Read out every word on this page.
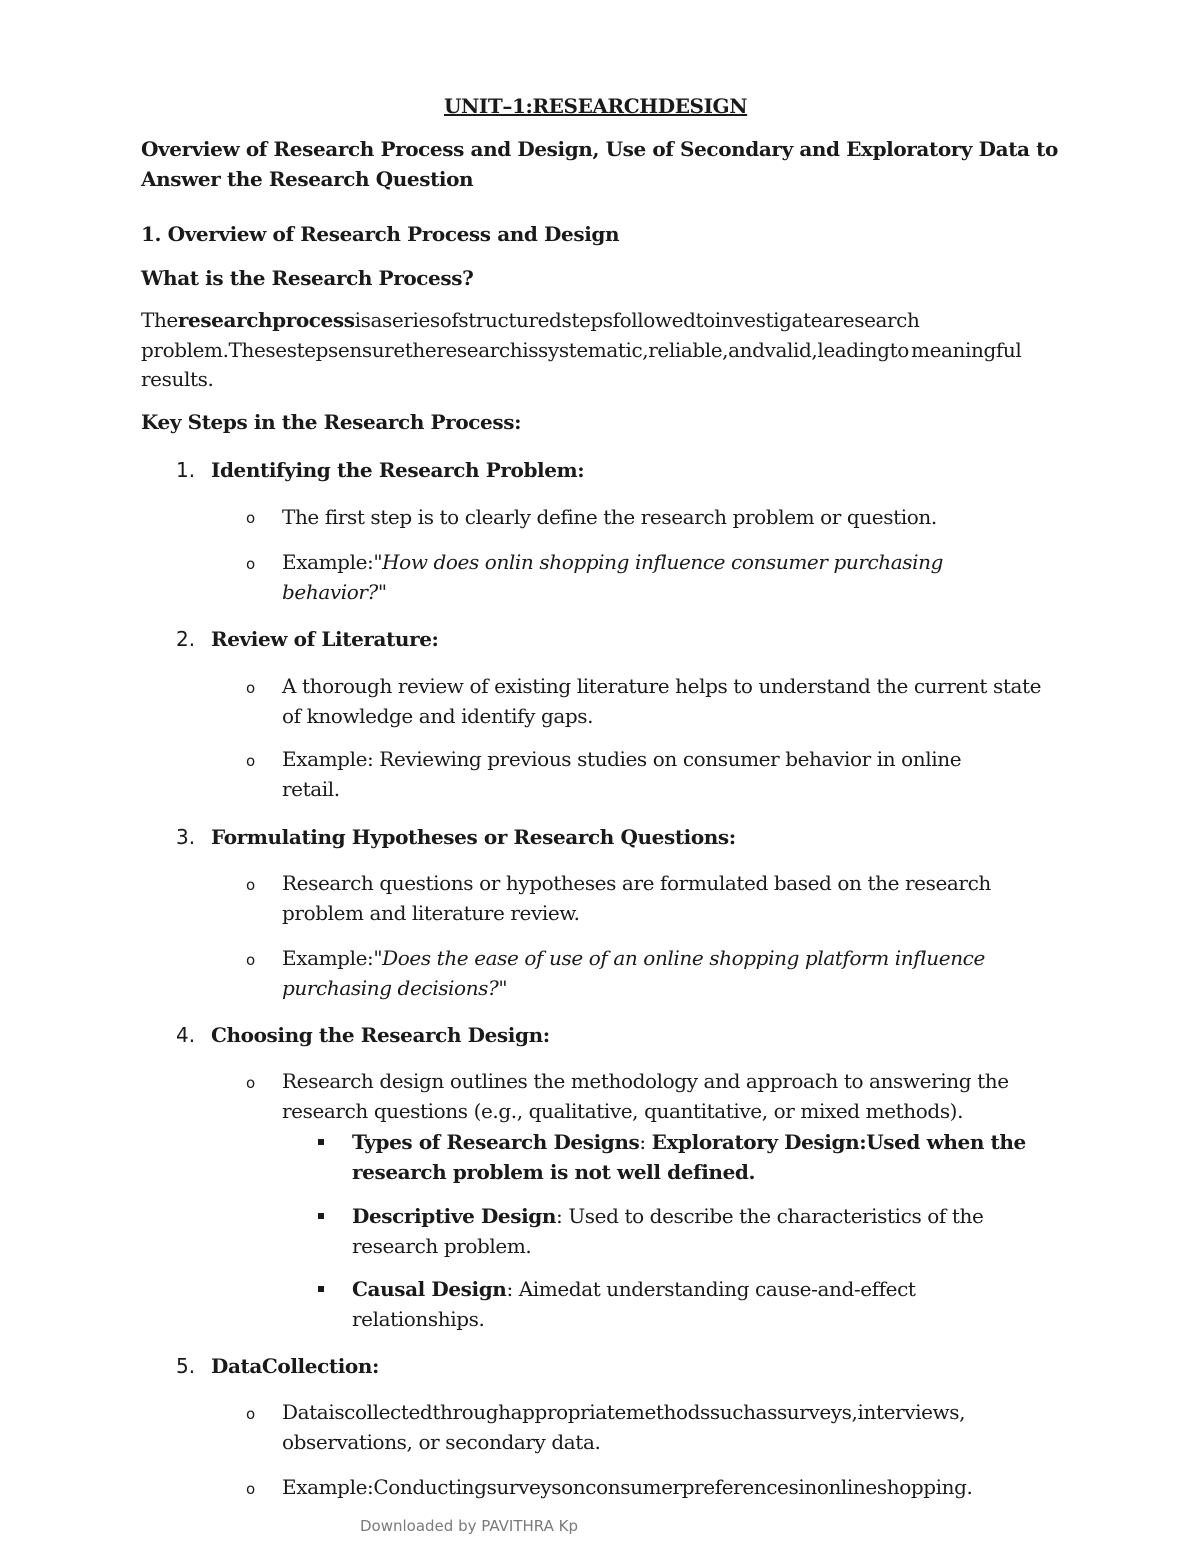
UNIT–1:RESEARCHDESIGN
Overview of Research Process and Design, Use of Secondary and Exploratory Data to
Answer the Research Question
1. Overview of Research Process and Design
What is the Research Process?
Theresearchprocessisaseriesofstructuredstepsfollowedtoinvestigatearesearch
problem.Thesestepsensuretheresearchissystematic,reliable,andvalid,leadingto meaningful
results.
Key Steps in the Research Process:
1. Identifying the Research Problem:
o The first step is to clearly define the research problem or question.
o Example:"How does onlin shopping influence consumer purchasing
behavior?"
2. Review of Literature:
o A thorough review of existing literature helps to understand the current state
of knowledge and identify gaps.
o Example: Reviewing previous studies on consumer behavior in online
retail.
3. Formulating Hypotheses or Research Questions:
o Research questions or hypotheses are formulated based on the research
problem and literature review.
o Example:"Does the ease of use of an online shopping platform influence
purchasing decisions?"
4. Choosing the Research Design:
o Research design outlines the methodology and approach to answering the
research questions (e.g., qualitative, quantitative, or mixed methods).
Types of Research Designs: Exploratory Design:Used when the
research problem is not well defined.
Descriptive Design: Used to describe the characteristics of the
research problem.
Causal Design: Aimedat understanding cause-and-effect
relationships.
5. DataCollection:
o Dataiscollectedthroughappropriatemethodssuchassurveys,interviews,
observations, or secondary data.
o Example:Conductingsurveysonconsumerpreferencesinonlineshopping.
Downloaded by PAVITHRA Kp
